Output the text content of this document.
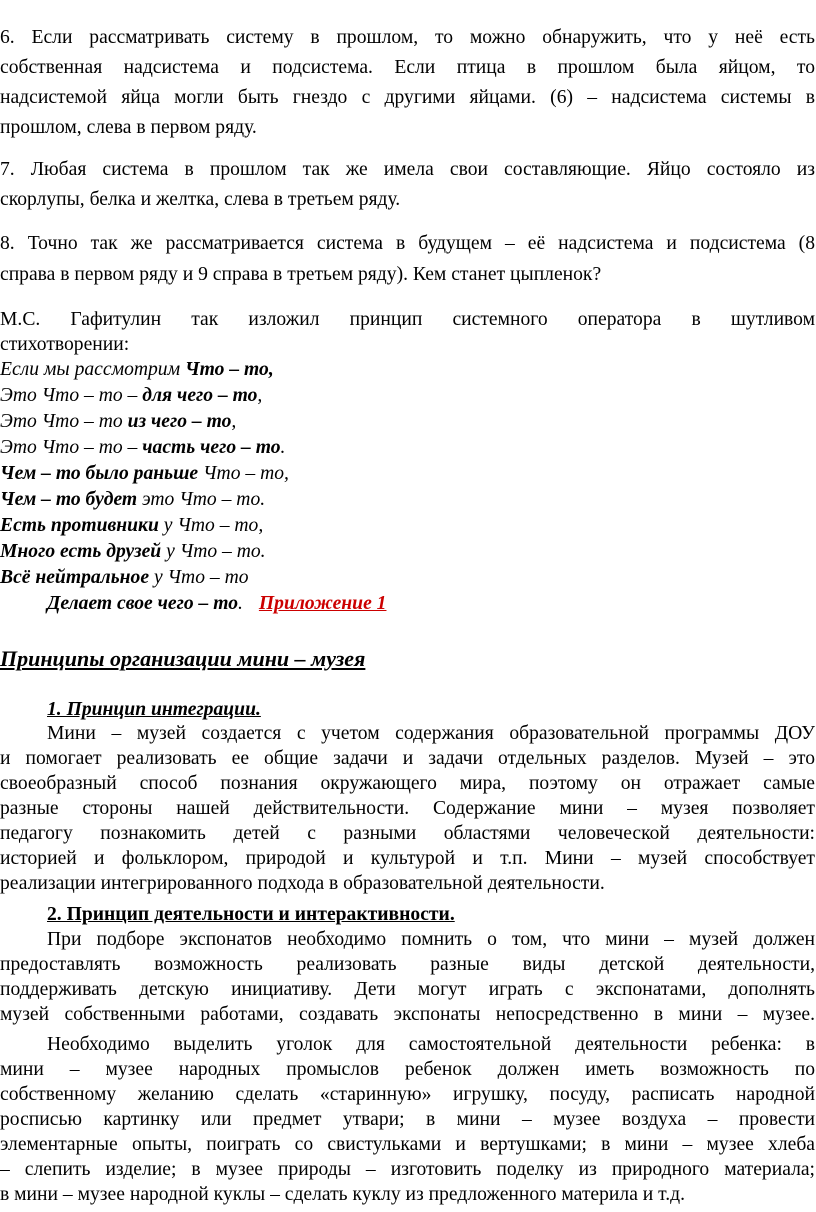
6. Если рассматривать систему в прошлом, то можно обнаружить, что у неё есть
собственная надсистема и подсистема. Если птица в прошлом была яйцом, то
надсистемой яйца могли быть гнездо с другими яйцами. (6) – надсистема системы в
прошлом, слева в первом ряду.
7. Любая система в прошлом так же имела свои составляющие. Яйцо состояло из
скорлупы, белка и желтка, слева в третьем ряду.
8. Точно так же рассматривается система в будущем – её надсистема и подсистема (8
справа в первом ряду и 9 справа в третьем ряду). Кем станет цыпленок?
М.С. Гафитулин так изложил принцип системного оператора в шутливом
стихотворении:
Если мы рассмотрим Что – то,
Это Что – то – для чего – то,
Это Что – то из чего – то,
Это Что – то – часть чего – то.
Чем – то было раньше Что – то,
Чем – то будет это Что – то.
Есть противники у Что – то,
Много есть друзей у Что – то.
Всё нейтральное у Что – то
Делает свое чего – то. Приложение 1
Принципы организации мини – музея
1. Принцип интеграции.
Мини – музей создается с учетом содержания образовательной программы ДОУ
и помогает реализовать ее общие задачи и задачи отдельных разделов. Музей – это
своеобразный способ познания окружающего мира, поэтому он отражает самые
разные стороны нашей действительности. Содержание мини – музея позволяет
педагогу познакомить детей с разными областями человеческой деятельности:
историей и фольклором, природой и культурой и т.п. Мини – музей способствует
реализации интегрированного подхода в образовательной деятельности.
2. Принцип деятельности и интерактивности.
При подборе экспонатов необходимо помнить о том, что мини – музей должен
предоставлять возможность реализовать разные виды детской деятельности,
поддерживать детскую инициативу. Дети могут играть с экспонатами, дополнять
музей собственными работами, создавать экспонаты непосредственно в мини – музее.
Необходимо выделить уголок для самостоятельной деятельности ребенка: в
мини – музее народных промыслов ребенок должен иметь возможность по
собственному желанию сделать «старинную» игрушку, посуду, расписать народной
росписью картинку или предмет утвари; в мини – музее воздуха – провести
элементарные опыты, поиграть со свистульками и вертушками; в мини – музее хлеба
– слепить изделие; в музее природы – изготовить поделку из природного материала;
в мини – музее народной куклы – сделать куклу из предложенного материла и т.д.
